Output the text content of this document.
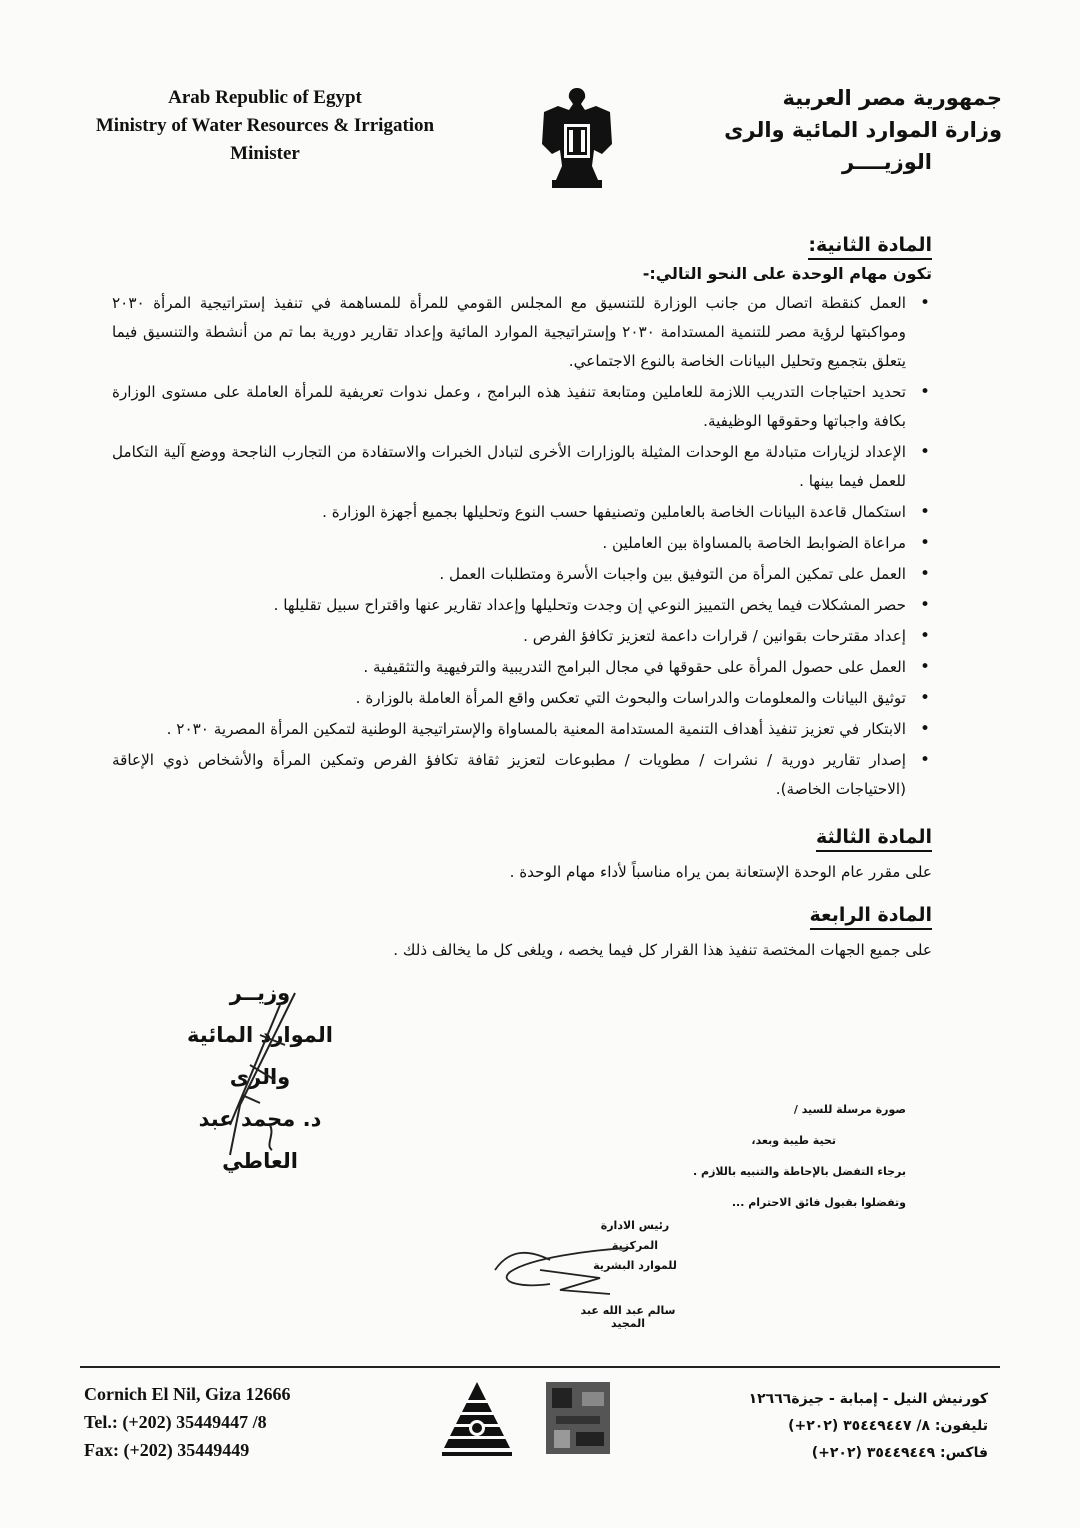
Arab Republic of Egypt
Ministry of Water Resources & Irrigation
Minister
جمهورية مصر العربية
وزارة الموارد المائية والرى
الوزيــــر
المادة الثانية:
تكون مهام الوحدة على النحو التالي:-
• العمل كنقطة اتصال من جانب الوزارة للتنسيق مع المجلس القومي للمرأة للمساهمة في تنفيذ إستراتيجية المرأة ٢٠٣٠ ومواكبتها لرؤية مصر للتنمية المستدامة ٢٠٣٠ وإستراتيجية الموارد المائية وإعداد تقارير دورية بما تم من أنشطة والتنسيق فيما يتعلق بتجميع وتحليل البيانات الخاصة بالنوع الاجتماعي.
• تحديد احتياجات التدريب اللازمة للعاملين ومتابعة تنفيذ هذه البرامج ، وعمل ندوات تعريفية للمرأة العاملة على مستوى الوزارة بكافة واجباتها وحقوقها الوظيفية.
• الإعداد لزيارات متبادلة مع الوحدات المثيلة بالوزارات الأخرى لتبادل الخبرات والاستفادة من التجارب الناجحة ووضع آلية التكامل للعمل فيما بينها .
• استكمال قاعدة البيانات الخاصة بالعاملين وتصنيفها حسب النوع وتحليلها بجميع أجهزة الوزارة .
• مراعاة الضوابط الخاصة بالمساواة بين العاملين .
• العمل على تمكين المرأة من التوفيق بين واجبات الأسرة ومتطلبات العمل .
• حصر المشكلات فيما يخص التمييز النوعي إن وجدت وتحليلها وإعداد تقارير عنها واقتراح سبيل تقليلها .
• إعداد مقترحات بقوانين / قرارات داعمة لتعزيز تكافؤ الفرص .
• العمل على حصول المرأة على حقوقها في مجال البرامج التدريبية والترفيهية والتثقيفية .
• توثيق البيانات والمعلومات والدراسات والبحوث التي تعكس واقع المرأة العاملة بالوزارة .
• الابتكار في تعزيز تنفيذ أهداف التنمية المستدامة المعنية بالمساواة والإستراتيجية الوطنية لتمكين المرأة المصرية ٢٠٣٠ .
• إصدار تقارير دورية / نشرات / مطويات / مطبوعات لتعزيز ثقافة تكافؤ الفرص وتمكين المرأة والأشخاص ذوي الإعاقة (الاحتياجات الخاصة).
المادة الثالثة
على مقرر عام الوحدة الإستعانة بمن يراه مناسباً لأداء مهام الوحدة .
المادة الرابعة
على جميع الجهات المختصة تنفيذ هذا القرار كل فيما يخصه ، ويلغى كل ما يخالف ذلك .
وزيــر
الموارد المائية والرى
د. محمد عبد العاطي
صورة مرسلة للسيد /
تحية طيبة وبعد،
برجاء التفضل بالإحاطة والتنبيه باللازم .
وتفضلوا بقبول فائق الاحترام ...
رئيس الادارة المركزية
للموارد البشرية
سالم عبد الله عبد المجيد
Cornich El Nil, Giza 12666
Tel.: (+202) 35449447 /8
Fax: (+202) 35449449
كورنيش النيل - إمبابة - جيزة١٢٦٦٦
تليفون: ٨/ ٣٥٤٤٩٤٤٧ (٢٠٢+)
فاكس: ٣٥٤٤٩٤٤٩ (٢٠٢+)
